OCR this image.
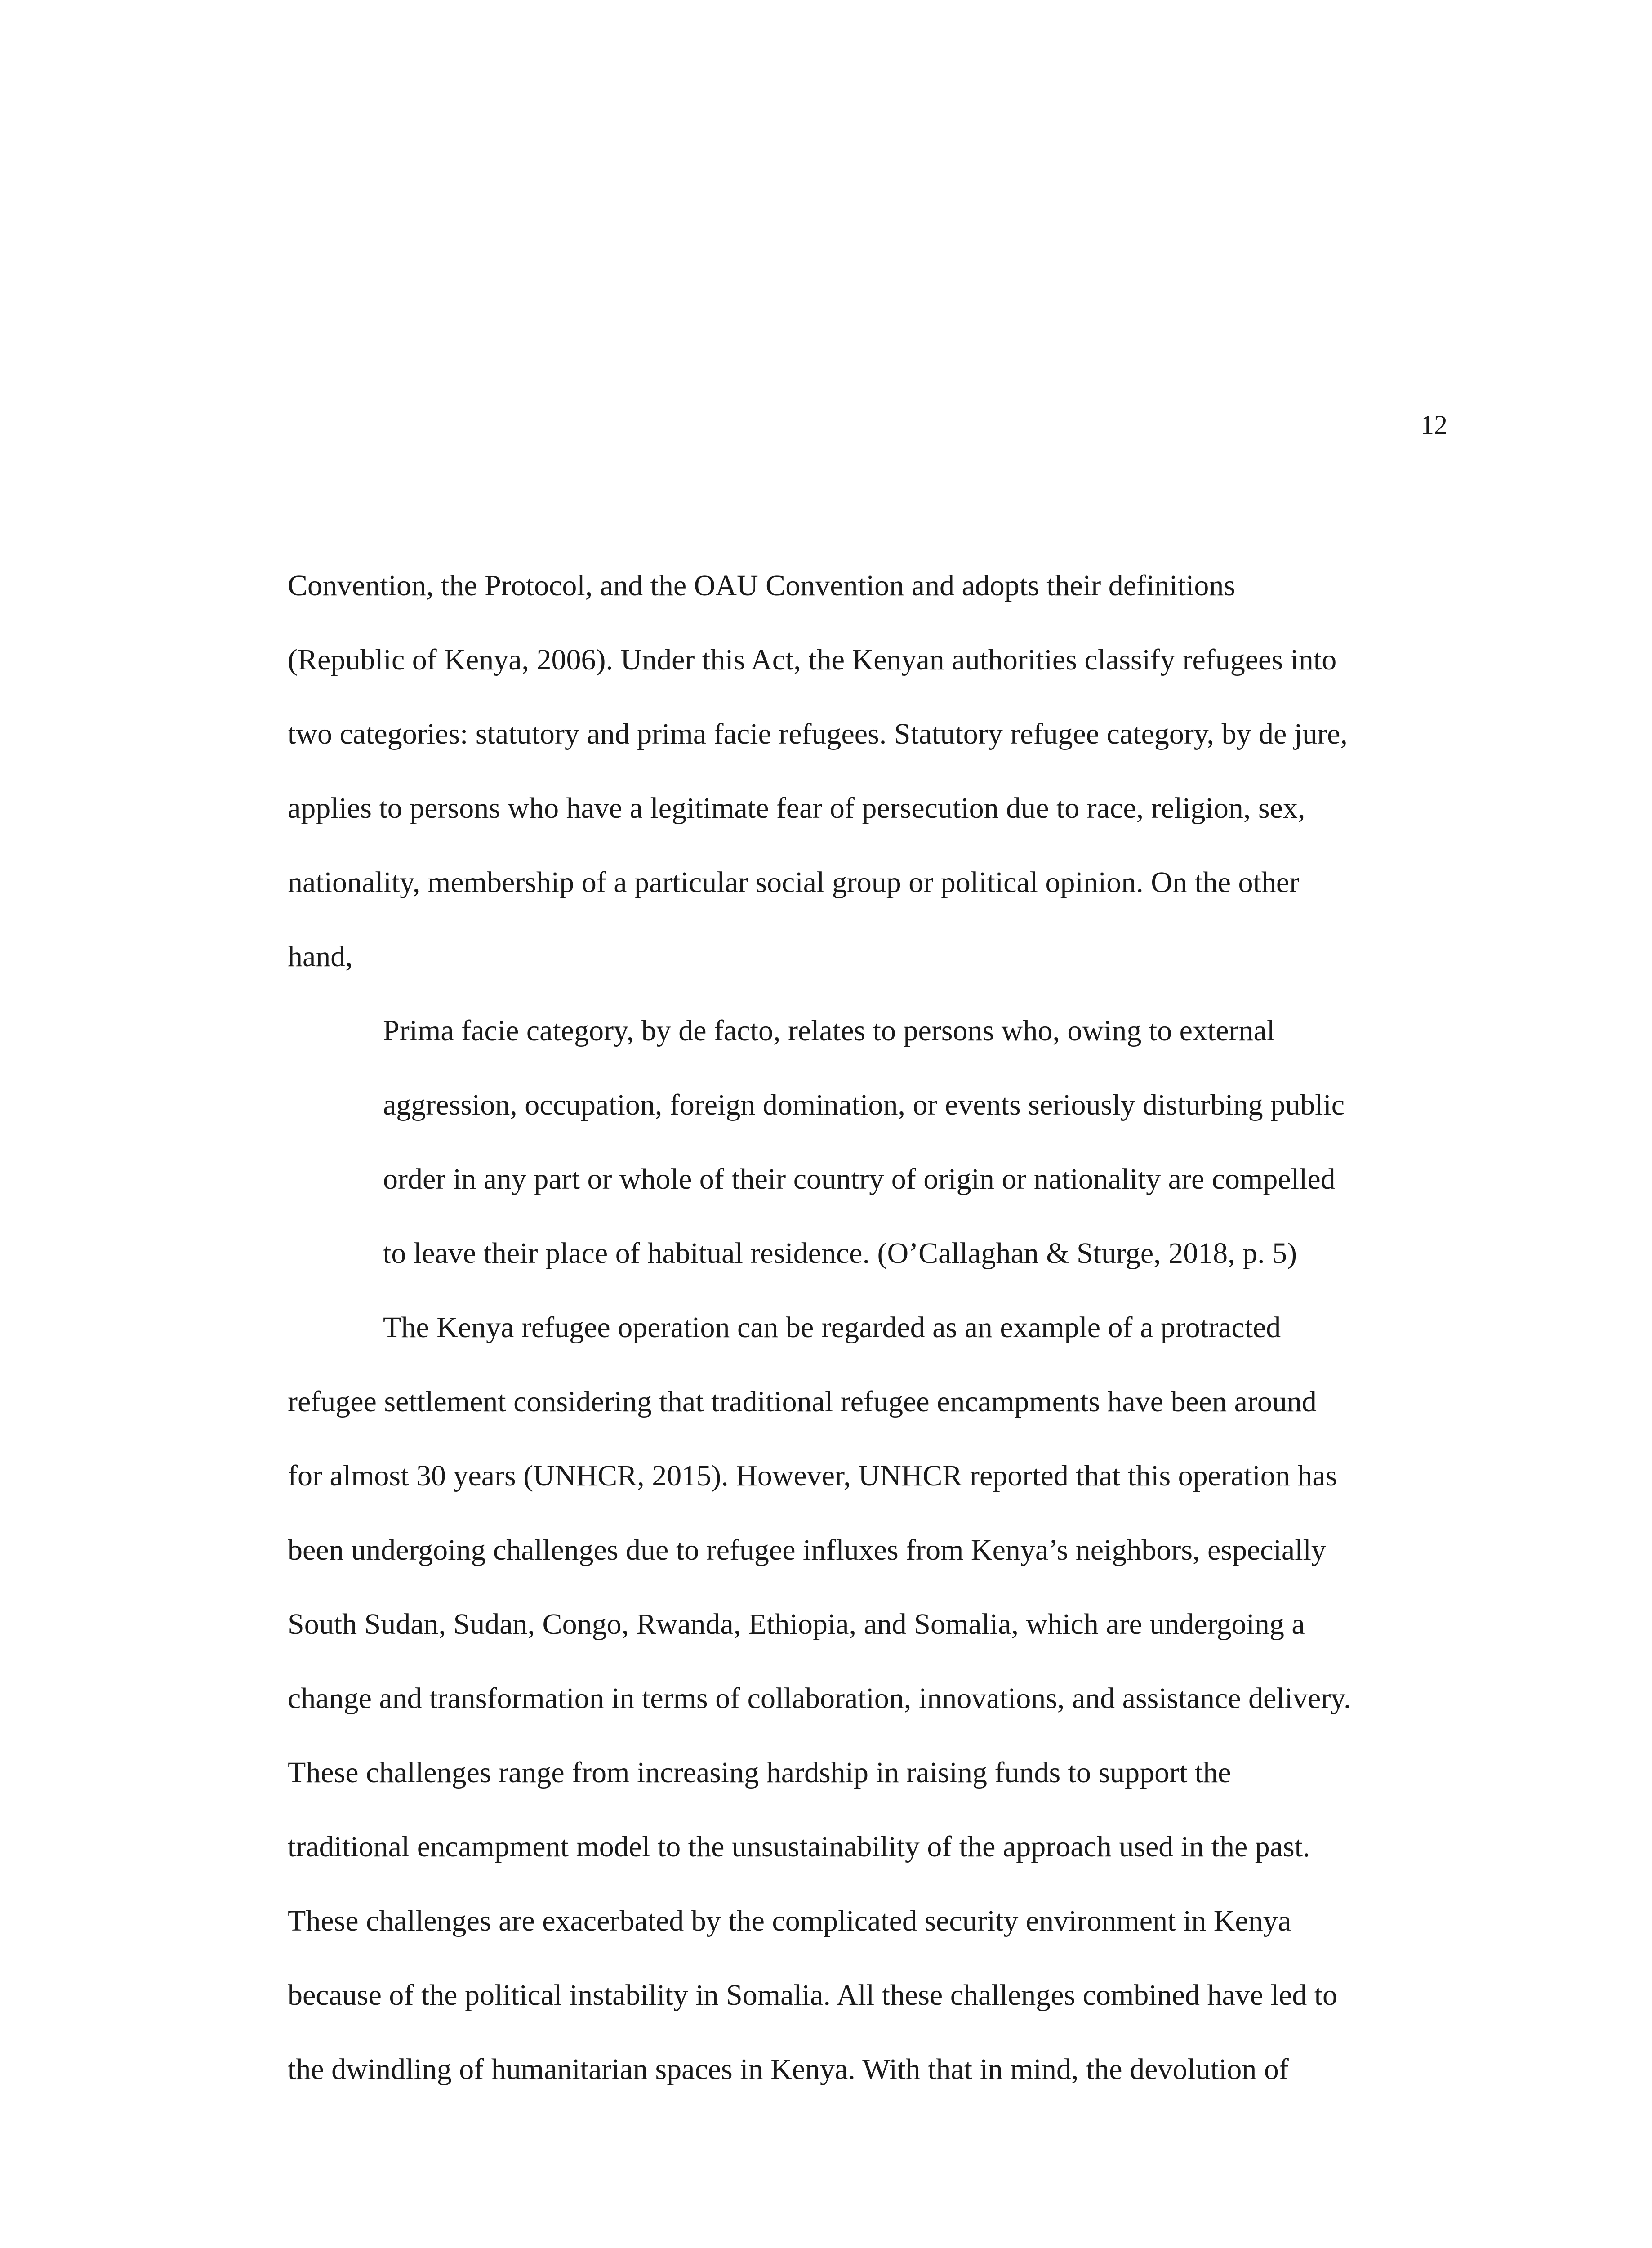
12
Convention, the Protocol, and the OAU Convention and adopts their definitions
(Republic of Kenya, 2006). Under this Act, the Kenyan authorities classify refugees into
two categories: statutory and prima facie refugees. Statutory refugee category, by de jure,
applies to persons who have a legitimate fear of persecution due to race, religion, sex,
nationality, membership of a particular social group or political opinion. On the other
hand,
Prima facie category, by de facto, relates to persons who, owing to external
aggression, occupation, foreign domination, or events seriously disturbing public
order in any part or whole of their country of origin or nationality are compelled
to leave their place of habitual residence. (O’Callaghan & Sturge, 2018, p. 5)
The Kenya refugee operation can be regarded as an example of a protracted
refugee settlement considering that traditional refugee encampments have been around
for almost 30 years (UNHCR, 2015). However, UNHCR reported that this operation has
been undergoing challenges due to refugee influxes from Kenya’s neighbors, especially
South Sudan, Sudan, Congo, Rwanda, Ethiopia, and Somalia, which are undergoing a
change and transformation in terms of collaboration, innovations, and assistance delivery.
These challenges range from increasing hardship in raising funds to support the
traditional encampment model to the unsustainability of the approach used in the past.
These challenges are exacerbated by the complicated security environment in Kenya
because of the political instability in Somalia. All these challenges combined have led to
the dwindling of humanitarian spaces in Kenya. With that in mind, the devolution of
